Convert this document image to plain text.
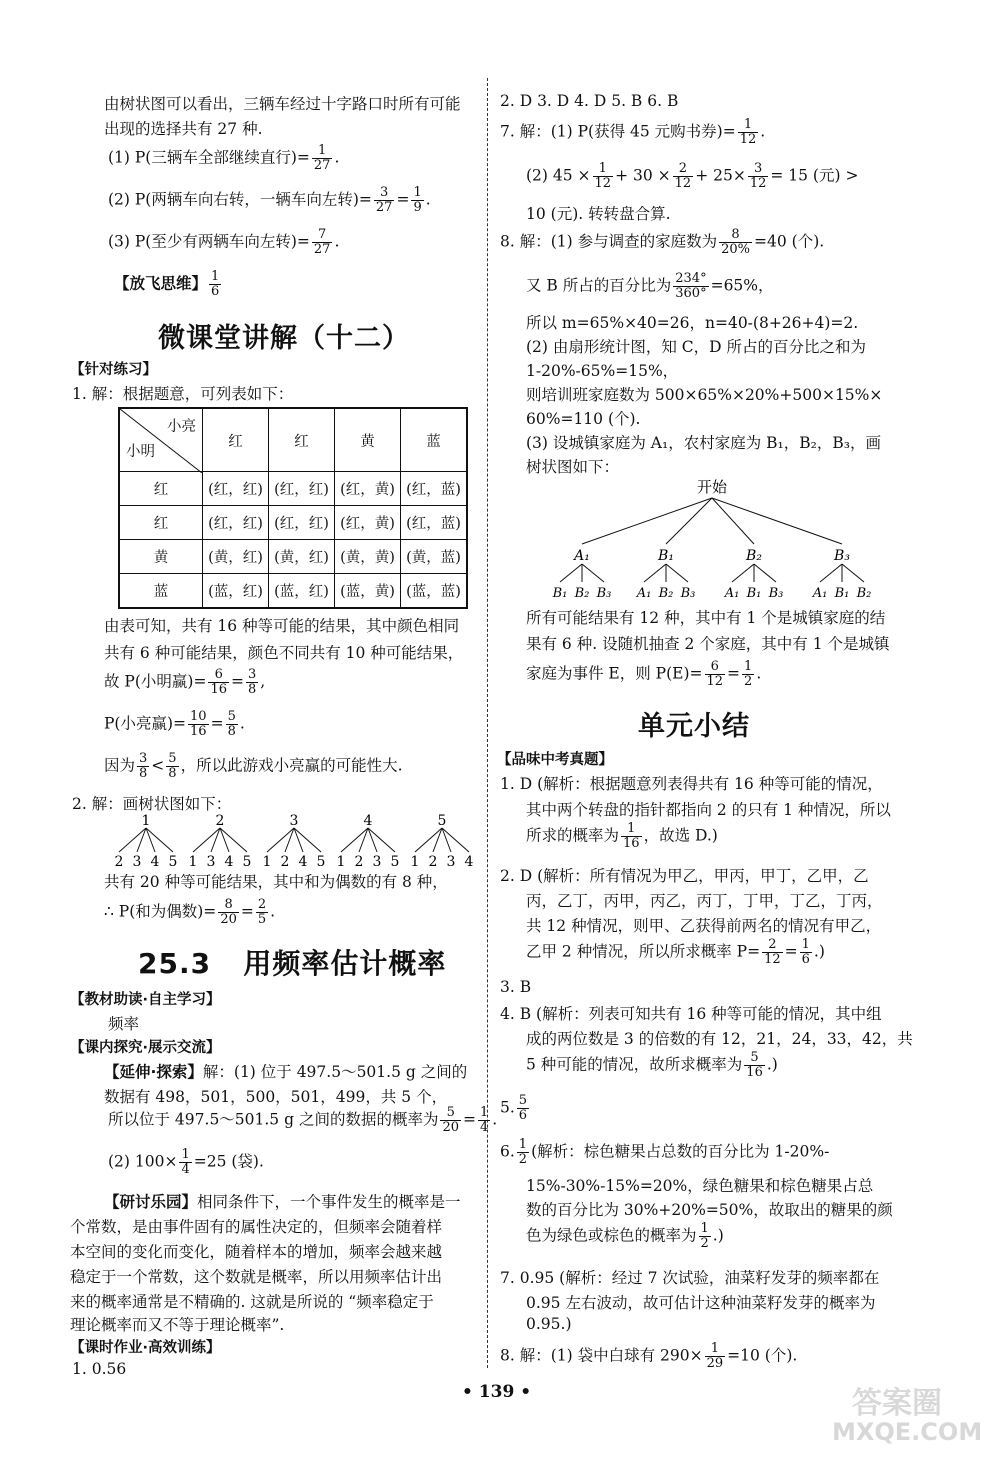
由树状图可以看出，三辆车经过十字路口时所有可能
出现的选择共有 27 种.
(1) P(三辆车全部继续直行)= $\frac{1}{27}$ .
(2) P(两辆车向右转，一辆车向左转)= $\frac{3}{27} = \frac{1}{9}$ .
(3) P(至少有两辆车向左转)= $\frac{7}{27}$ .
【放飞思维】 $\frac{1}{6}$
微课堂讲解（十二）
【针对练习】
1. 解：根据题意，可列表如下：
小亮
小明	红	红	黄	蓝
红	(红，红)	(红，红)	(红，黄)	(红，蓝)
红	(红，红)	(红，红)	(红，黄)	(红，蓝)
黄	(黄，红)	(黄，红)	(黄，黄)	(黄，蓝)
蓝	(蓝，红)	(蓝，红)	(蓝，黄)	(蓝，蓝)
由表可知，共有 16 种等可能的结果，其中颜色相同
共有 6 种可能结果，颜色不同共有 10 种可能结果，
故 P(小明赢)= $\frac{6}{16} = \frac{3}{8}$ ,
P(小亮赢)= $\frac{10}{16} = \frac{5}{8}$ .
因为 $\frac{3}{8} < \frac{5}{8}$ ，所以此游戏小亮赢的可能性大.
2. 解：画树状图如下：
1
2 3 4 5
2
1 3 4 5
3
1 2 4 5
4
1 2 3 5
5
1 2 3 4
共有 20 种等可能结果，其中和为偶数的有 8 种，
∴ P(和为偶数)= $\frac{8}{20} = \frac{2}{5}$ .
25.3   用频率估计概率
【教材助读·自主学习】
频率
【课内探究·展示交流】
【延伸·探索】解：(1) 位于 497.5～501.5 g 之间的
数据有 498，501，500，501，499，共 5 个，
所以位于 497.5～501.5 g 之间的数据的概率为 $\frac{5}{20} = \frac{1}{4}$ .
(2) $100\times \frac{1}{4} =25$ (袋).
【研讨乐园】相同条件下，一个事件发生的概率是一
个常数，是由事件固有的属性决定的，但频率会随着样
本空间的变化而变化，随着样本的增加，频率会越来越
稳定于一个常数，这个数就是概率，所以用频率估计出
来的概率通常是不精确的. 这就是所说的 “频率稳定于
理论概率而又不等于理论概率”.
【课时作业·高效训练】
1. 0.56
2. D 3. D 4. D 5. B 6. B
7. 解：(1) P(获得 45 元购书券)= $\frac{1}{12}$ .
(2) $45 \times \frac{1}{12} + 30 \times \frac{2}{12} + 25\times \frac{3}{12} = 15$ (元) >
10 (元). 转转盘合算.
8. 解：(1) 参与调查的家庭数为 $\frac{8}{20\%} =40$ (个).
又 B 所占的百分比为 $\frac{234^\circ}{360^\circ} =65\%$，
所以 m=65%×40=26，n=40-(8+26+4)=2.
(2) 由扇形统计图，知 C，D 所占的百分比之和为
1-20%-65%=15%，
则培训班家庭数为 500×65%×20%+500×15%×
60%=110 (个).
(3) 设城镇家庭为 A₁，农村家庭为 B₁，B₂，B₃，画
树状图如下：
开始
A₁
B₁ B₂ B₃
B₁
A₁ B₂ B₃
B₂
A₁ B₁ B₃
B₃
A₁ B₁ B₂
所有可能结果有 12 种，其中有 1 个是城镇家庭的结
果有 6 种. 设随机抽查 2 个家庭，其中有 1 个是城镇
家庭为事件 E，则 $P(E)= \frac{6}{12} = \frac{1}{2}$ .
单元小结
【品味中考真题】
1. D (解析：根据题意列表得共有 16 种等可能的情况，
其中两个转盘的指针都指向 2 的只有 1 种情况，所以
所求的概率为 $\frac{1}{16}$ ，故选 D.)
2. D (解析：所有情况为甲乙，甲丙，甲丁，乙甲，乙
丙，乙丁，丙甲，丙乙，丙丁，丁甲，丁乙，丁丙，
共 12 种情况，则甲、乙获得前两名的情况有甲乙，
乙甲 2 种情况，所以所求概率 $P= \frac{2}{12} = \frac{1}{6}$ .)
3. B
4. B (解析：列表可知共有 16 种等可能的情况，其中组
成的两位数是 3 的倍数的有 12，21，24，33，42，共
5 种可能的情况，故所求概率为 $\frac{5}{16}$ .)
5. $\frac{5}{6}$
6. $\frac{1}{2}$ (解析：棕色糖果占总数的百分比为 1-20%-
15%-30%-15%=20%，绿色糖果和棕色糖果占总
数的百分比为 30%+20%=50%，故取出的糖果的颜
色为绿色或棕色的概率为 $\frac{1}{2}$ .)
7. 0.95 (解析：经过 7 次试验，油菜籽发芽的频率都在
0.95 左右波动，故可估计这种油菜籽发芽的概率为
0.95.)
8. 解：(1) 袋中白球有 $290\times \frac{1}{29} =10$ (个).
• 139 •	答案圈
MXQE.COM
